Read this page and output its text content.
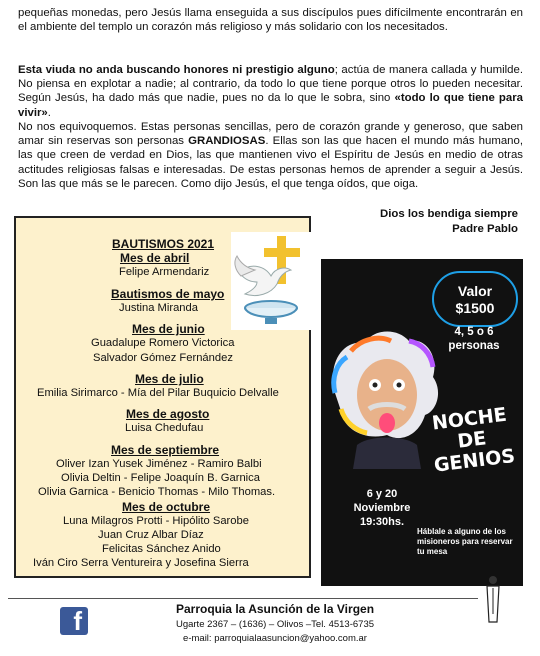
pequeñas monedas, pero Jesús llama enseguida a sus discípulos pues difícilmente encontrarán en el ambiente del templo un corazón más religioso y más solidario con los necesitados.

Esta viuda no anda buscando honores ni prestigio alguno; actúa de manera callada y humilde. No piensa en explotar a nadie; al contrario, da todo lo que tiene porque otros lo pueden necesitar. Según Jesús, ha dado más que nadie, pues no da lo que le sobra, sino «todo lo que tiene para vivir».

No nos equivoquemos. Estas personas sencillas, pero de corazón grande y generoso, que saben amar sin reservas son personas GRANDIOSAS. Ellas son las que hacen el mundo más humano, las que creen de verdad en Dios, las que mantienen vivo el Espíritu de Jesús en medio de otras actitudes religiosas falsas e interesadas. De estas personas hemos de aprender a seguir a Jesús. Son las que más se le parecen. Como dijo Jesús, el que tenga oídos, que oiga.

Dios los bendiga siempre
Padre Pablo
BAUTISMOS 2021
Mes de abril
Felipe Armendariz
Bautismos de mayo
Justina Miranda
Mes de junio
Guadalupe Romero Victorica
Salvador Gómez Fernández
Mes de julio
Emilia Sirimarco - Mía del Pilar Buquicio Delvalle
Mes de agosto
Luisa Chedufau
Mes de septiembre
Oliver Izan Yusek Jiménez - Ramiro Balbi
Olivia Deltin - Felipe Joaquín B. Garnica
Olivia Garnica - Benicio Thomas - Milo Thomas.
Mes de octubre
Luna Milagros Protti - Hipólito Sarobe
Juan Cruz Albar Díaz
Felicitas Sánchez Anido
Iván Ciro Serra Ventureira y Josefina Sierra
Valor
$1500
4, 5 o 6
personas
NOCHE
DE GENIOS
6 y 20
Noviembre
19:30hs.
Háblale a alguno de los misioneros para reservar tu mesa
f	Parroquia la Asunción de la Virgen
Ugarte 2367 – (1636) – Olivos –Tel. 4513-6735
e-mail: parroquialaasuncion@yahoo.com.ar
